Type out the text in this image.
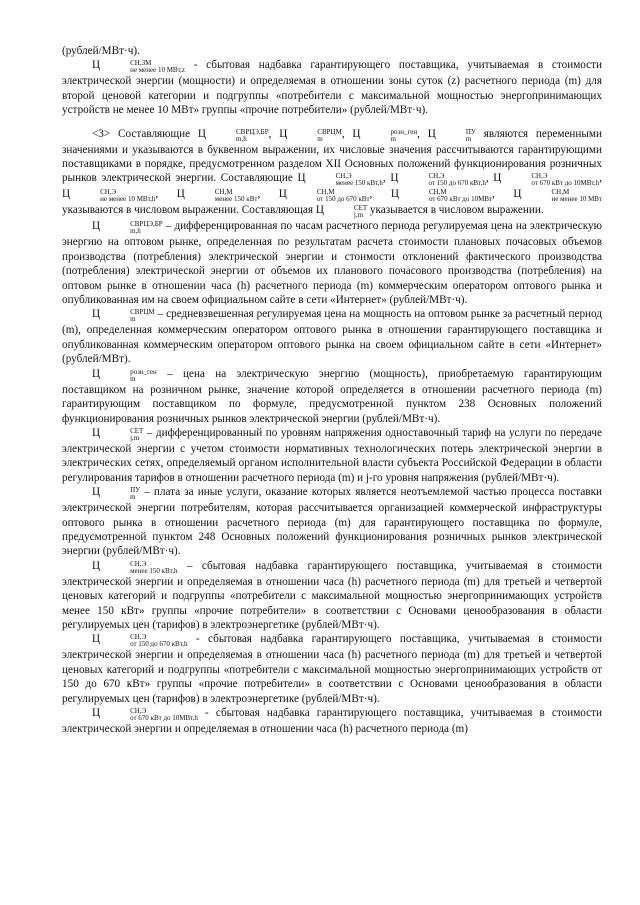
(рублей/МВт·ч).

Ц	СН,ЗМ
не менее 10 МВт,z - сбытовая надбавка гарантирующего поставщика, учитываемая в стоимости электрической энергии (мощности) и определяемая в отношении зоны суток (z) расчетного периода (m) для второй ценовой категории и подгруппы «потребители с максимальной мощностью энергопринимающих устройств не менее 10 МВт» группы «прочие потребители» (рублей/МВт·ч).

<3> Составляющие Ц	СВРЦЭ,БР
m,h	, Ц	СВРЦМ
m	, Ц	розн_ген
m	, Ц	ПУ
m являются переменными значениями и указываются в буквенном выражении, их числовые значения рассчитываются гарантирующими поставщиками в порядке, предусмотренном разделом XII Основных положений функционирования розничных рынков электрической энергии. Составляющие Ц	СН,Э
менее 150 кВт,h , Ц	СН,Э
от 150 до 670 кВт,h , Ц	СН,Э
от 670 кВт до 10МВт,h , Ц	СН,Э
не менее 10 МВт,h , Ц	СН,М
менее 150 кВт , Ц	СН,М
от 150 до 670 кВт , Ц	СН,М
от 670 кВт до 10МВт , Ц	СН,М
не менее 10 МВт
указываются в числовом выражении. Составляющая Ц	СЕТ
j,m указывается в числовом выражении.

Ц	СВРЦЭ,БР
m,h	– дифференцированная по часам расчетного периода регулируемая цена на электрическую энергию на оптовом рынке, определенная по результатам расчета стоимости плановых почасовых объемов производства (потребления) электрической энергии и стоимости отклонений фактического производства (потребления) электрической энергии от объемов их планового почасового производства (потребления) на оптовом рынке в отношении часа (h) расчетного периода (m) коммерческим оператором оптового рынка и опубликованная им на своем официальном сайте в сети «Интернет» (рублей/МВт·ч).

Ц	СВРЦМ
m	– средневзвешенная регулируемая цена на мощность на оптовом рынке за расчетный период (m), определенная коммерческим оператором оптового рынка в отношении гарантирующего поставщика и опубликованная коммерческим оператором оптового рынка на своем официальном сайте в сети «Интернет» (рублей/МВт).

Ц	розн_ген
m	– цена на электрическую энергию (мощность), приобретаемую гарантирующим поставщиком на розничном рынке, значение которой определяется в отношении расчетного периода (m) гарантирующим поставщиком по формуле, предусмотренной пунктом 238 Основных положений функционирования розничных рынков электрической энергии (рублей/МВт·ч).

Ц	СЕТ
j,m – дифференцированный по уровням напряжения одноставочный тариф на услуги по передаче электрической энергии с учетом стоимости нормативных технологических потерь электрической энергии в электрических сетях, определяемый органом исполнительной власти субъекта Российской Федерации в области регулирования тарифов в отношении расчетного периода (m) и j-го уровня напряжения (рублей/МВт·ч).

Ц	ПУ
m – плата за иные услуги, оказание которых является неотъемлемой частью процесса поставки электрической энергии потребителям, которая рассчитывается организацией коммерческой инфраструктуры оптового рынка в отношении расчетного периода (m) для гарантирующего поставщика по формуле, предусмотренной пунктом 248 Основных положений функционирования розничных рынков электрической энергии (рублей/МВт·ч).

Ц	СН,Э
менее 150 кВт,h – сбытовая надбавка гарантирующего поставщика, учитываемая в стоимости электрической энергии и определяемая в отношении часа (h) расчетного периода (m) для третьей и четвертой ценовых категорий и подгруппы «потребители с максимальной мощностью энергопринимающих устройств менее 150 кВт» группы «прочие потребители» в соответствии с Основами ценообразования в области регулируемых цен (тарифов) в электроэнергетике (рублей/МВт·ч).

Ц	СН,Э
от 150 до 670 кВт,h - сбытовая надбавка гарантирующего поставщика, учитываемая в стоимости электрической энергии и определяемая в отношении часа (h) расчетного периода (m) для третьей и четвертой ценовых категорий и подгруппы «потребители с максимальной мощностью энергопринимающих устройств от 150 до 670 кВт» группы «прочие потребители» в соответствии с Основами ценообразования в области регулируемых цен (тарифов) в электроэнергетике (рублей/МВт·ч).

Ц	СН,Э
от 670 кВт до 10МВт,h - сбытовая надбавка гарантирующего поставщика, учитываемая в стоимости электрической энергии и определяемая в отношении часа (h) расчетного периода (m)
